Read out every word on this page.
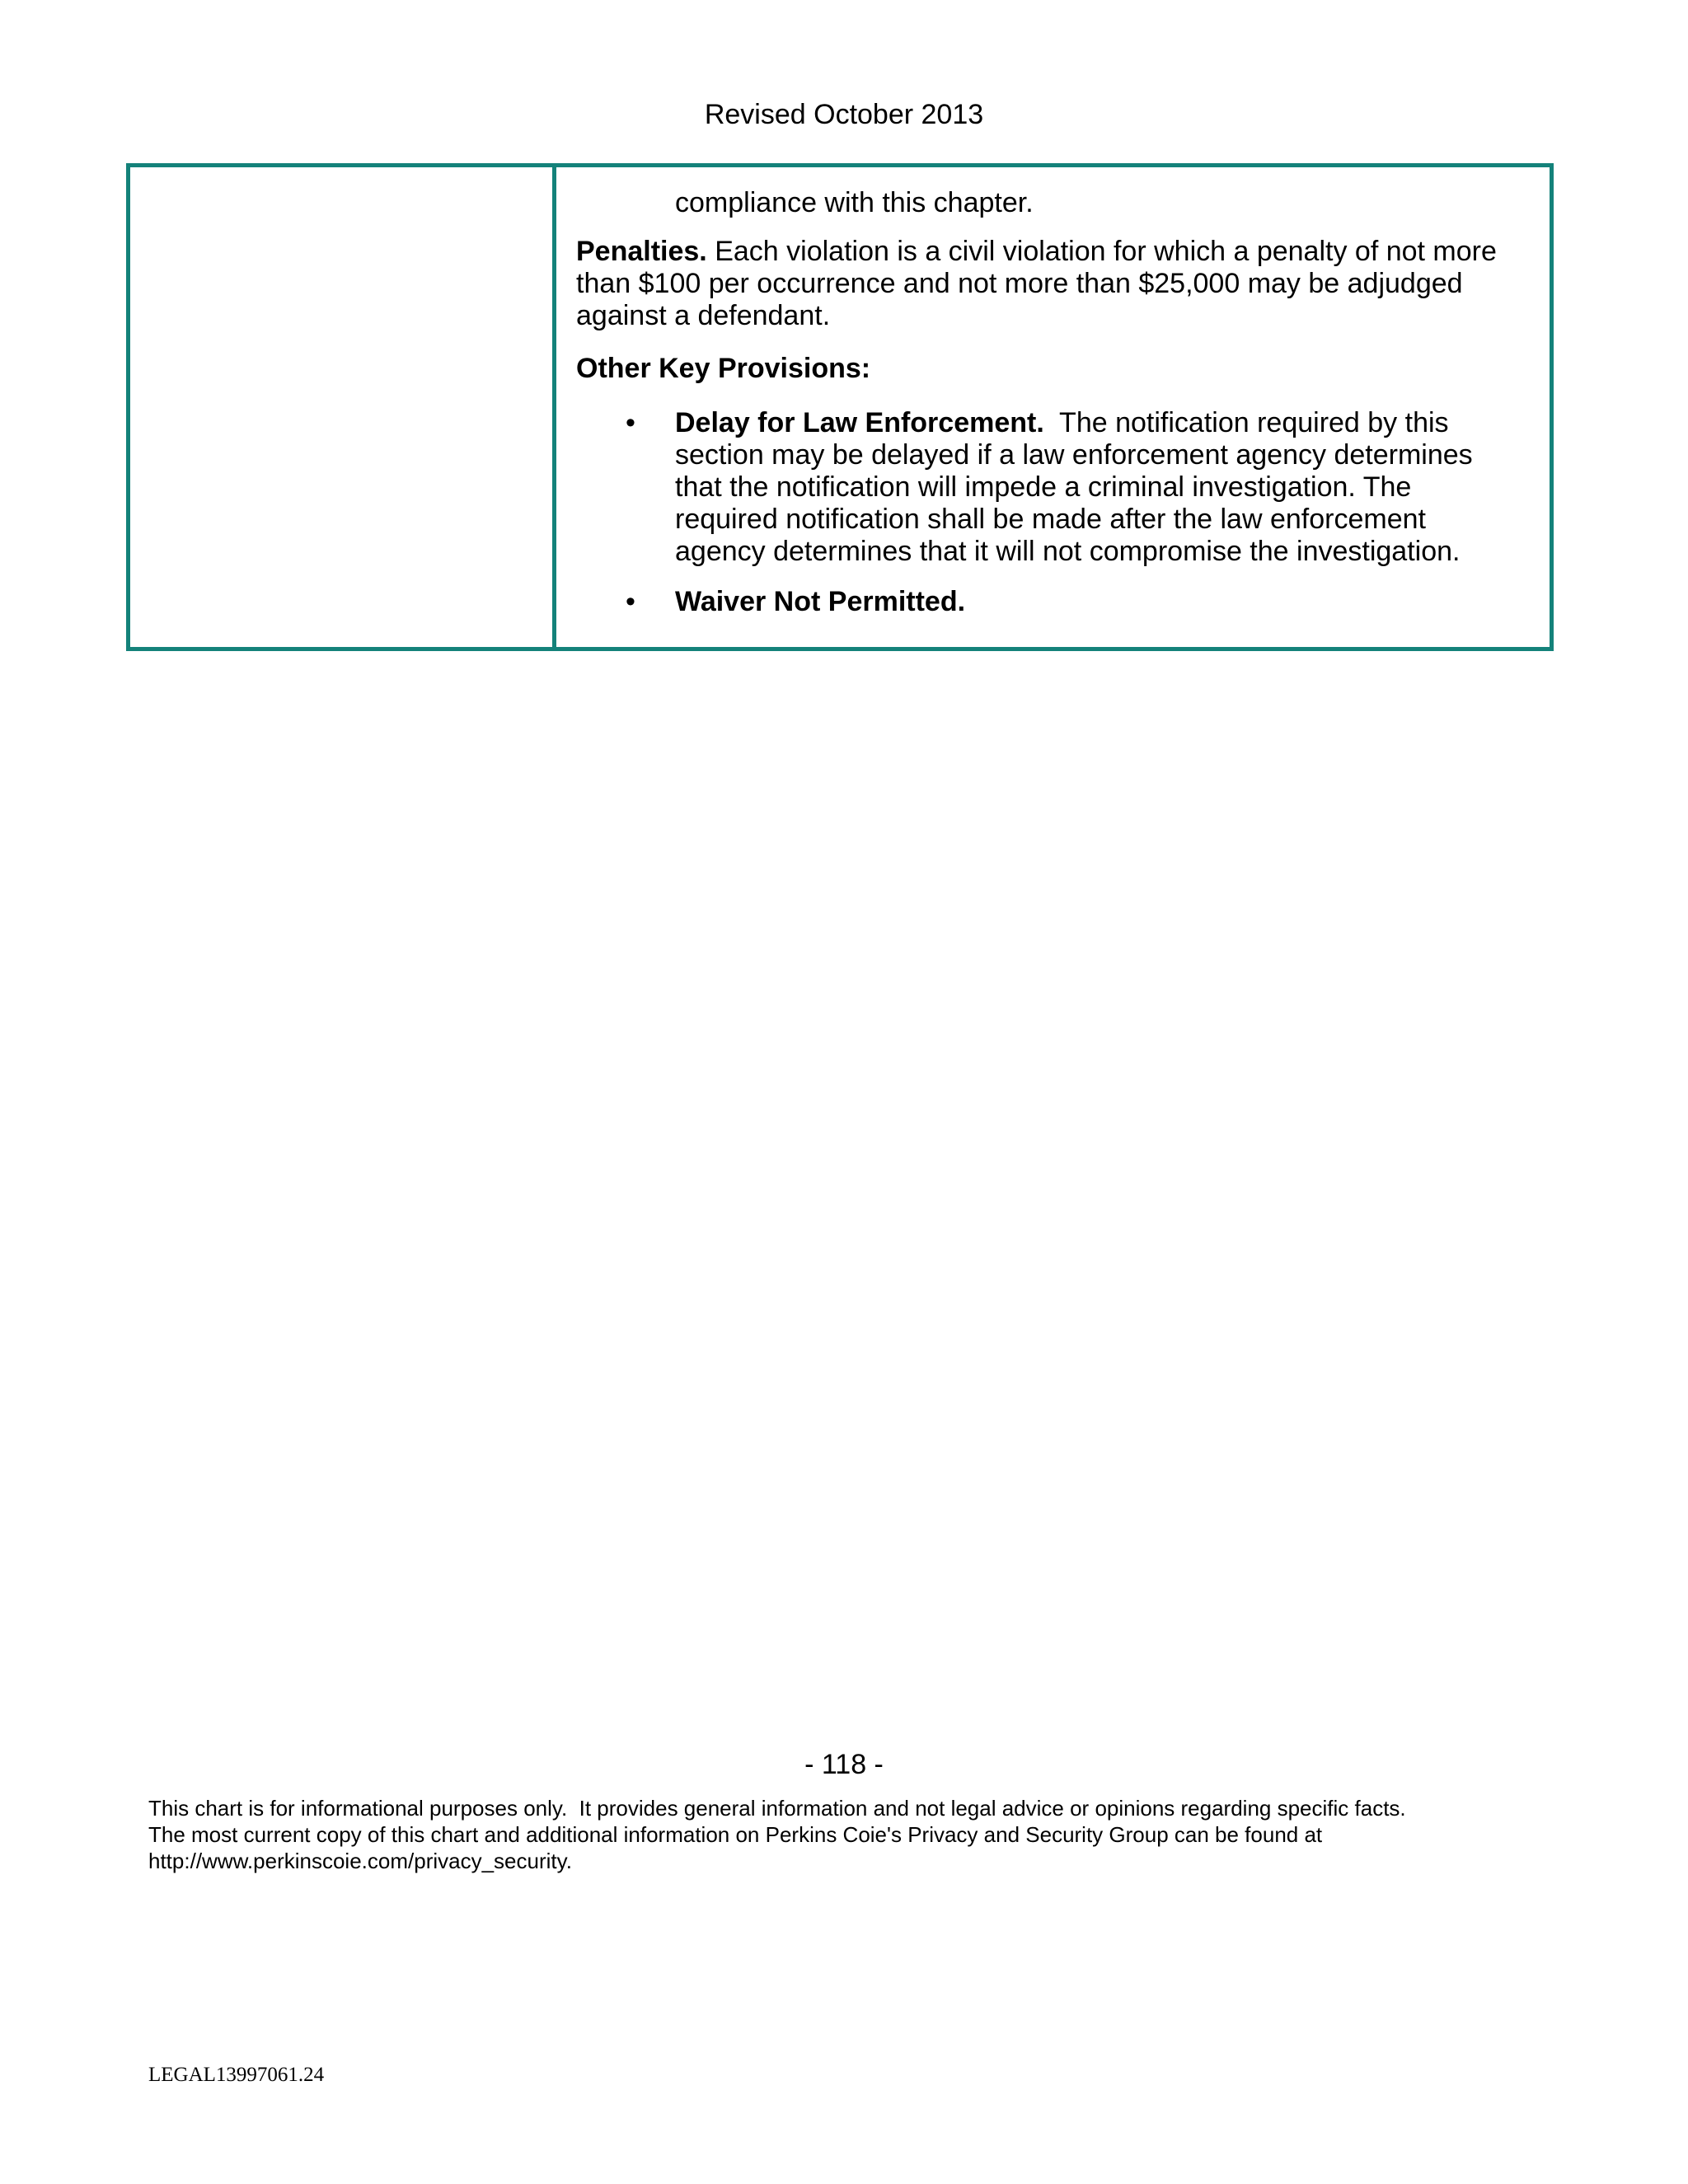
Revised October 2013

compliance with this chapter.

Penalties. Each violation is a civil violation for which a penalty of not more than $100 per occurrence and not more than $25,000 may be adjudged against a defendant.

Other Key Provisions:

• Delay for Law Enforcement.  The notification required by this section may be delayed if a law enforcement agency determines that the notification will impede a criminal investigation. The required notification shall be made after the law enforcement agency determines that it will not compromise the investigation.
• Waiver Not Permitted.
- 118 -

This chart is for informational purposes only.  It provides general information and not legal advice or opinions regarding specific facts.

The most current copy of this chart and additional information on Perkins Coie's Privacy and Security Group can be found at

http://www.perkinscoie.com/privacy_security.

LEGAL13997061.24
